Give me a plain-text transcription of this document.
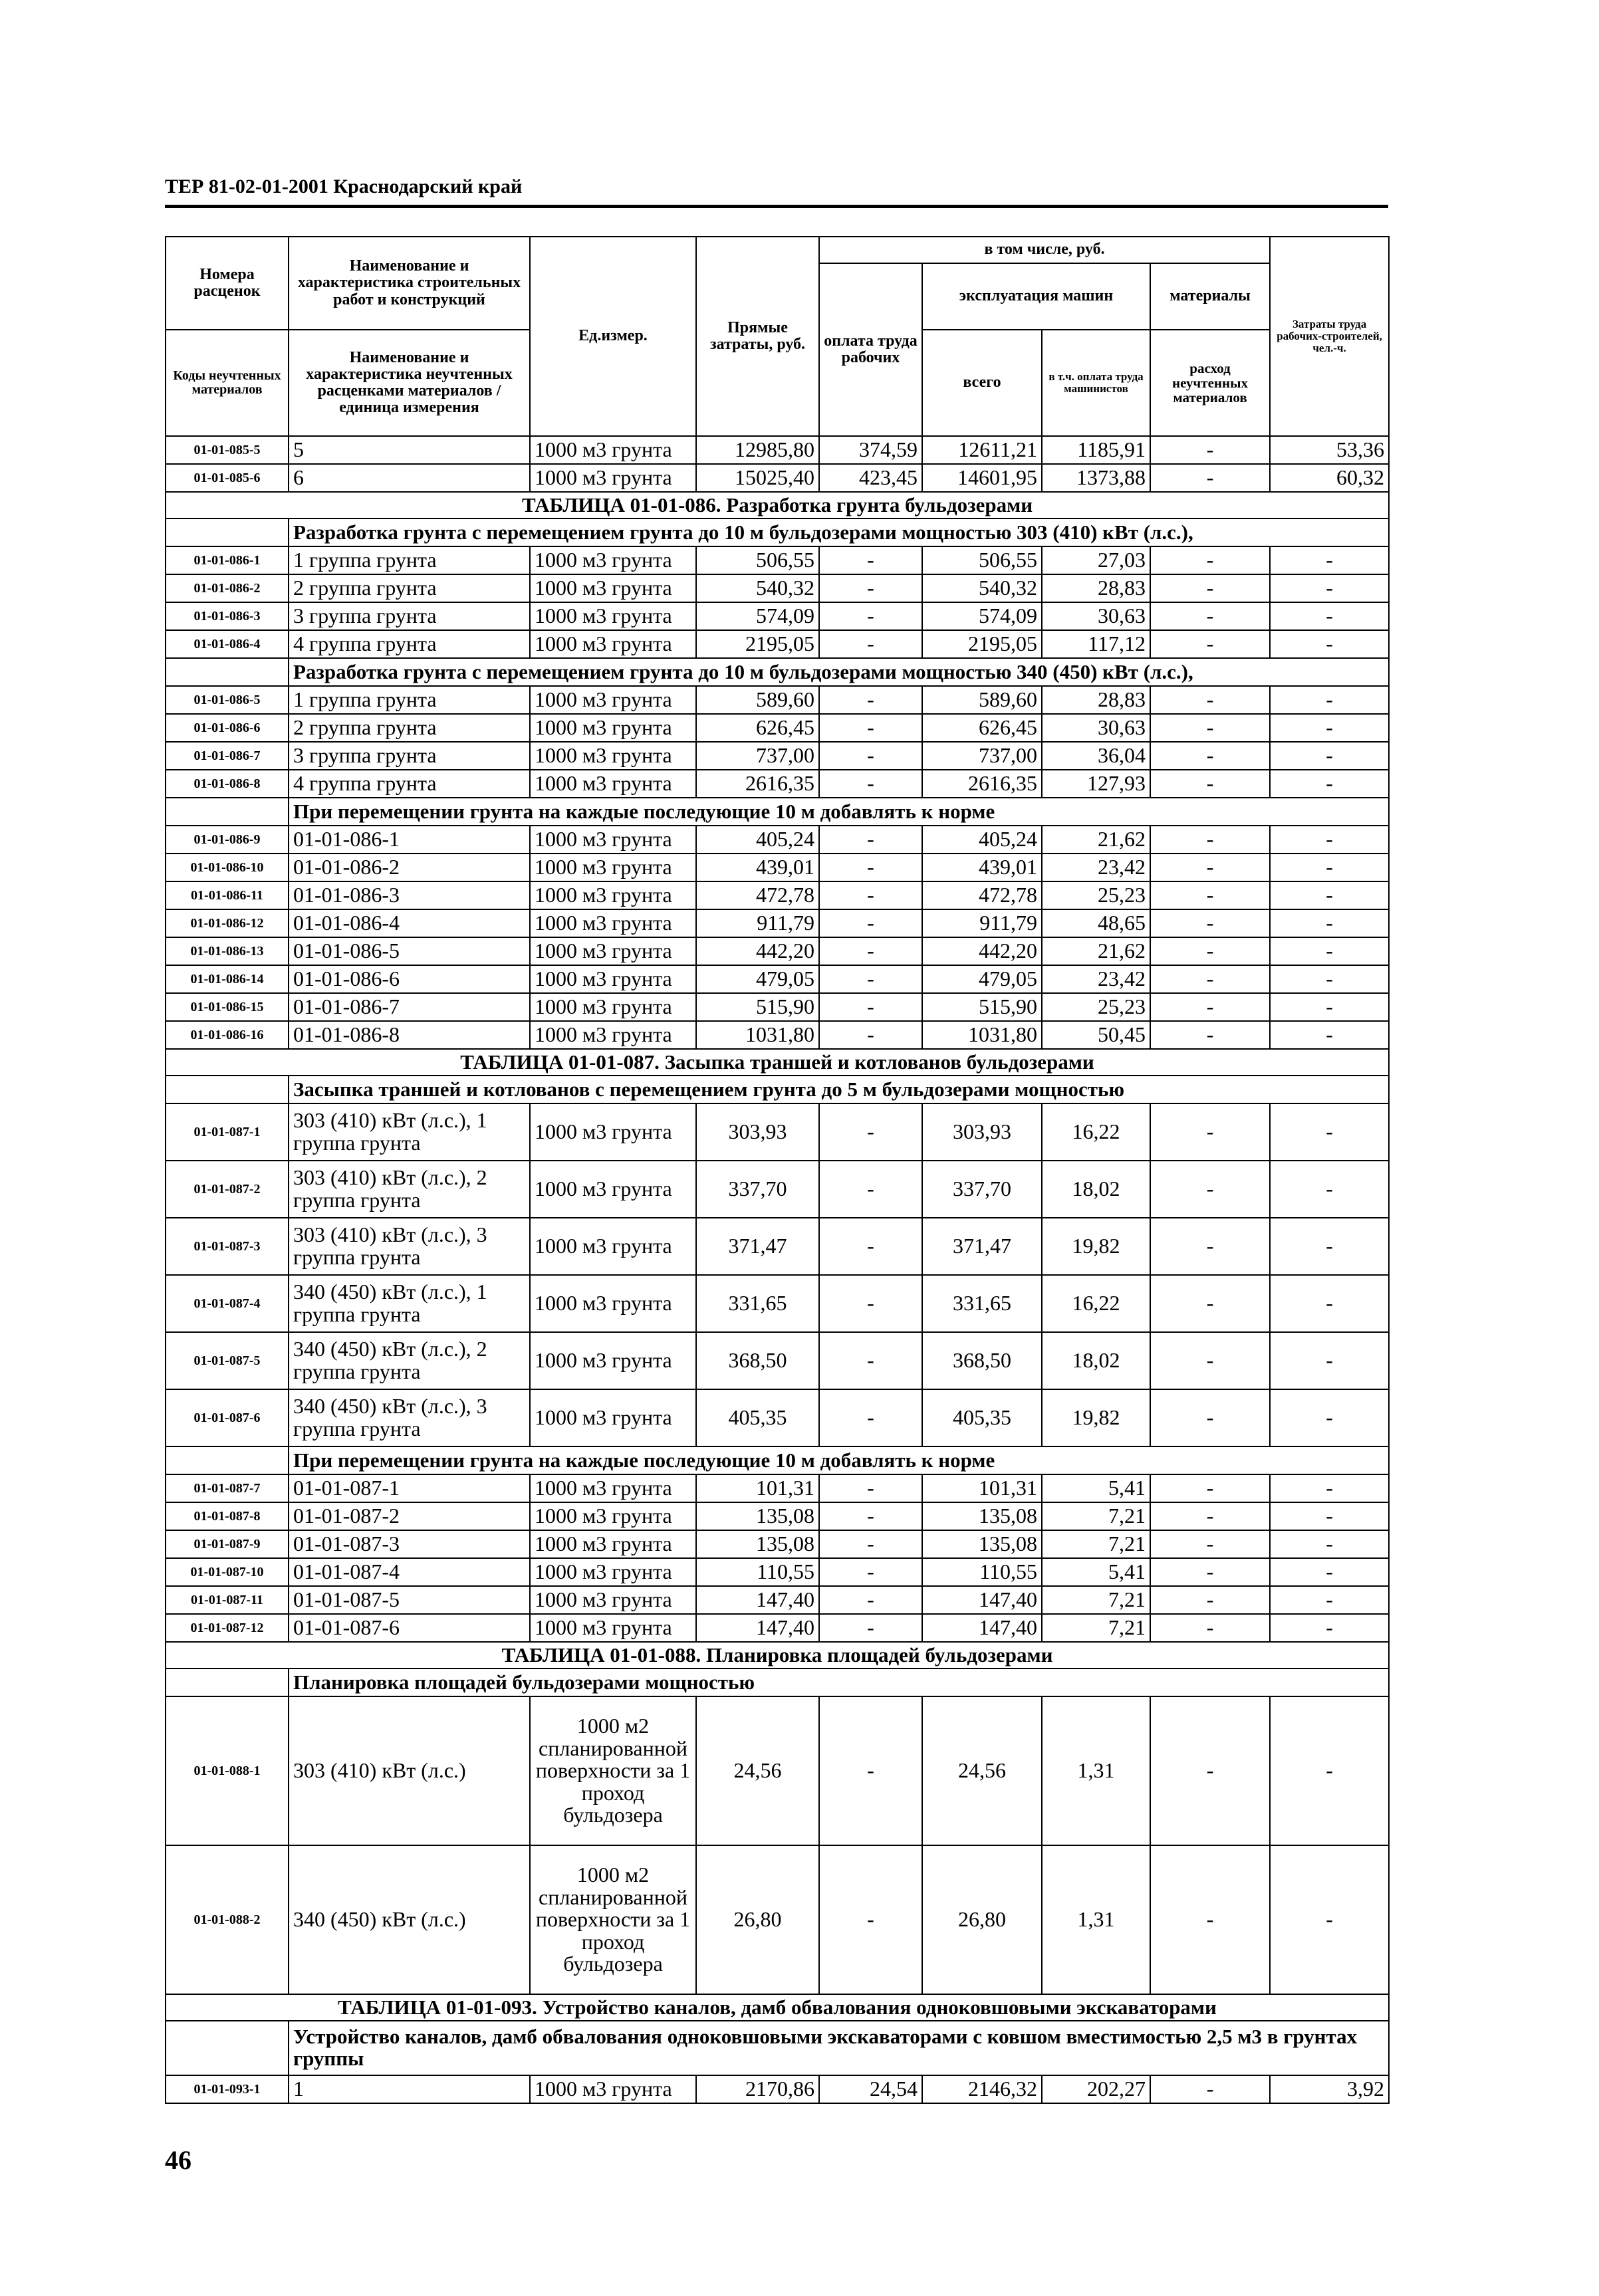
ТЕР 81-02-01-2001 Краснодарский край
Номера расценок	Наименование и характеристика строительных работ и конструкций	Ед.измер.	Прямые затраты, руб.	в том числе, руб.				Затраты труда рабочих-строителей, чел.-ч.
				оплата труда рабочих	эксплуатация машин		материалы	
Коды неучтенных материалов	Наименование и характеристика неучтенных расценками материалов / единица измерения				всего	в т.ч. оплата труда машинистов	расход неучтенных материалов	

01-01-085-5	5	1000 м3 грунта	12985,80	374,59	12611,21	1185,91	-	53,36
01-01-085-6	6	1000 м3 грунта	15025,40	423,45	14601,95	1373,88	-	60,32
ТАБЛИЦА 01-01-086. Разработка грунта бульдозерами								
	Разработка грунта с перемещением грунта до 10 м бульдозерами мощностью 303 (410) кВт (л.с.),							
01-01-086-1	1 группа грунта	1000 м3 грунта	506,55	-	506,55	27,03	-	-
01-01-086-2	2 группа грунта	1000 м3 грунта	540,32	-	540,32	28,83	-	-
01-01-086-3	3 группа грунта	1000 м3 грунта	574,09	-	574,09	30,63	-	-
01-01-086-4	4 группа грунта	1000 м3 грунта	2195,05	-	2195,05	117,12	-	-
	Разработка грунта с перемещением грунта до 10 м бульдозерами мощностью 340 (450) кВт (л.с.),							
01-01-086-5	1 группа грунта	1000 м3 грунта	589,60	-	589,60	28,83	-	-
01-01-086-6	2 группа грунта	1000 м3 грунта	626,45	-	626,45	30,63	-	-
01-01-086-7	3 группа грунта	1000 м3 грунта	737,00	-	737,00	36,04	-	-
01-01-086-8	4 группа грунта	1000 м3 грунта	2616,35	-	2616,35	127,93	-	-
	При перемещении грунта на каждые последующие 10 м добавлять к норме							
01-01-086-9	01-01-086-1	1000 м3 грунта	405,24	-	405,24	21,62	-	-
01-01-086-10	01-01-086-2	1000 м3 грунта	439,01	-	439,01	23,42	-	-
01-01-086-11	01-01-086-3	1000 м3 грунта	472,78	-	472,78	25,23	-	-
01-01-086-12	01-01-086-4	1000 м3 грунта	911,79	-	911,79	48,65	-	-
01-01-086-13	01-01-086-5	1000 м3 грунта	442,20	-	442,20	21,62	-	-
01-01-086-14	01-01-086-6	1000 м3 грунта	479,05	-	479,05	23,42	-	-
01-01-086-15	01-01-086-7	1000 м3 грунта	515,90	-	515,90	25,23	-	-
01-01-086-16	01-01-086-8	1000 м3 грунта	1031,80	-	1031,80	50,45	-	-
ТАБЛИЦА 01-01-087. Засыпка траншей и котлованов бульдозерами								
	Засыпка траншей и котлованов с перемещением грунта до 5 м бульдозерами мощностью							
01-01-087-1	303 (410) кВт (л.с.), 1 группа грунта	1000 м3 грунта	303,93	-	303,93	16,22	-	-
01-01-087-2	303 (410) кВт (л.с.), 2 группа грунта	1000 м3 грунта	337,70	-	337,70	18,02	-	-
01-01-087-3	303 (410) кВт (л.с.), 3 группа грунта	1000 м3 грунта	371,47	-	371,47	19,82	-	-
01-01-087-4	340 (450) кВт (л.с.), 1 группа грунта	1000 м3 грунта	331,65	-	331,65	16,22	-	-
01-01-087-5	340 (450) кВт (л.с.), 2 группа грунта	1000 м3 грунта	368,50	-	368,50	18,02	-	-
01-01-087-6	340 (450) кВт (л.с.), 3 группа грунта	1000 м3 грунта	405,35	-	405,35	19,82	-	-
	При перемещении грунта на каждые последующие 10 м добавлять к норме							
01-01-087-7	01-01-087-1	1000 м3 грунта	101,31	-	101,31	5,41	-	-
01-01-087-8	01-01-087-2	1000 м3 грунта	135,08	-	135,08	7,21	-	-
01-01-087-9	01-01-087-3	1000 м3 грунта	135,08	-	135,08	7,21	-	-
01-01-087-10	01-01-087-4	1000 м3 грунта	110,55	-	110,55	5,41	-	-
01-01-087-11	01-01-087-5	1000 м3 грунта	147,40	-	147,40	7,21	-	-
01-01-087-12	01-01-087-6	1000 м3 грунта	147,40	-	147,40	7,21	-	-
ТАБЛИЦА 01-01-088. Планировка площадей бульдозерами								
	Планировка площадей бульдозерами мощностью							
01-01-088-1	303 (410) кВт (л.с.)	1000 м2 спланированной поверхности за 1 проход бульдозера	24,56	-	24,56	1,31	-	-
01-01-088-2	340 (450) кВт (л.с.)	1000 м2 спланированной поверхности за 1 проход бульдозера	26,80	-	26,80	1,31	-	-
ТАБЛИЦА 01-01-093. Устройство каналов, дамб обвалования одноковшовыми экскаваторами								
	Устройство каналов, дамб обвалования одноковшовыми экскаваторами с ковшом вместимостью 2,5 м3 в грунтах группы							
01-01-093-1	1	1000 м3 грунта	2170,86	24,54	2146,32	202,27	-	3,92
46
